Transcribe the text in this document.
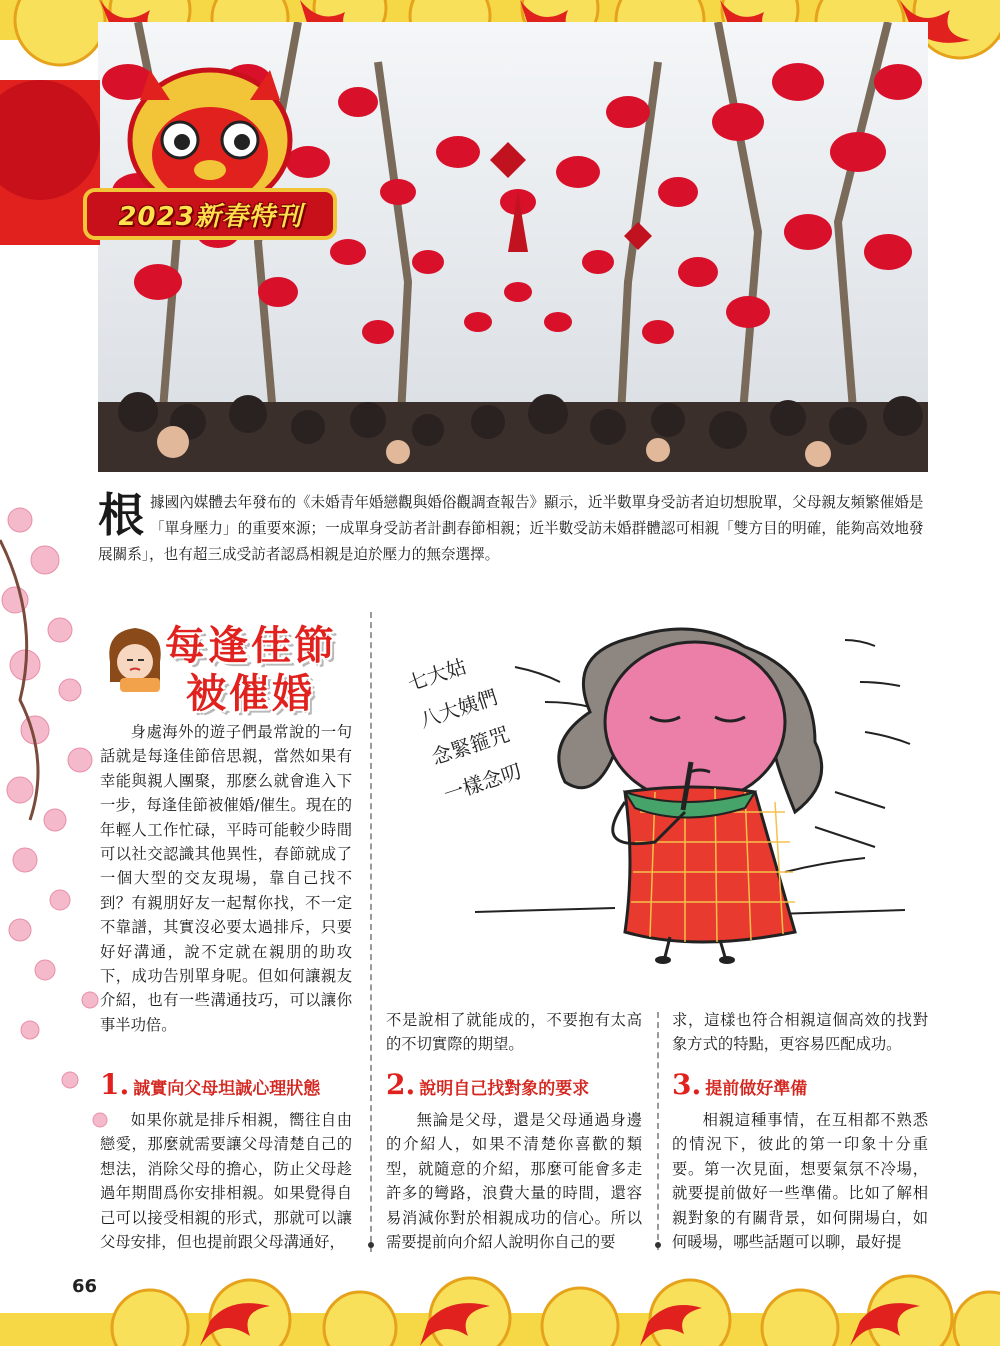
2023新春特刊
根 據國內媒體去年發布的《未婚青年婚戀觀與婚俗觀調查報告》顯示，近半數單身受訪者迫切想脫單，父母親友頻繁催婚是「單身壓力」的重要來源；一成單身受訪者計劃春節相親；近半數受訪未婚群體認可相親「雙方目的明確，能夠高效地發展關系」，也有超三成受訪者認爲相親是迫於壓力的無奈選擇。
每逢佳節
被催婚	七大姑
八大姨們
念緊箍咒
一樣念叨

身處海外的遊子們最常說的一句話就是每逢佳節倍思親，當然如果有幸能與親人團聚，那麽么就會進入下一步，每逢佳節被催婚/催生。現在的年輕人工作忙碌，平時可能較少時間可以社交認識其他異性，春節就成了一個大型的交友現場，靠自己找不到？有親朋好友一起幫你找，不一定不靠譜，其實沒必要太過排斥，只要好好溝通，說不定就在親朋的助攻下，成功告別單身呢。但如何讓親友介紹，也有一些溝通技巧，可以讓你事半功倍。	不是說相了就能成的，不要抱有太高的不切實際的期望。

求，這樣也符合相親這個高效的找對象方式的特點，更容易匹配成功。

1. 誠實向父母坦誠心理狀態 2. 說明自己找對象的要求	3. 提前做好準備

如果你就是排斥相親，嚮往自由戀愛，那麼就需要讓父母清楚自己的想法，消除父母的擔心，防止父母趁過年期間爲你安排相親。如果覺得自己可以接受相親的形式，那就可以讓父母安排，但也提前跟父母溝通好，

無論是父母，還是父母通過身邊的介紹人，如果不清楚你喜歡的類型，就隨意的介紹，那麼可能會多走許多的彎路，浪費大量的時間，還容易消減你對於相親成功的信心。所以需要提前向介紹人說明你自己的要

相親這種事情，在互相都不熟悉的情況下，彼此的第一印象十分重要。第一次見面，想要氣氛不冷場，就要提前做好一些準備。比如了解相親對象的有關背景，如何開場白，如何暖場，哪些話題可以聊，最好提

66
